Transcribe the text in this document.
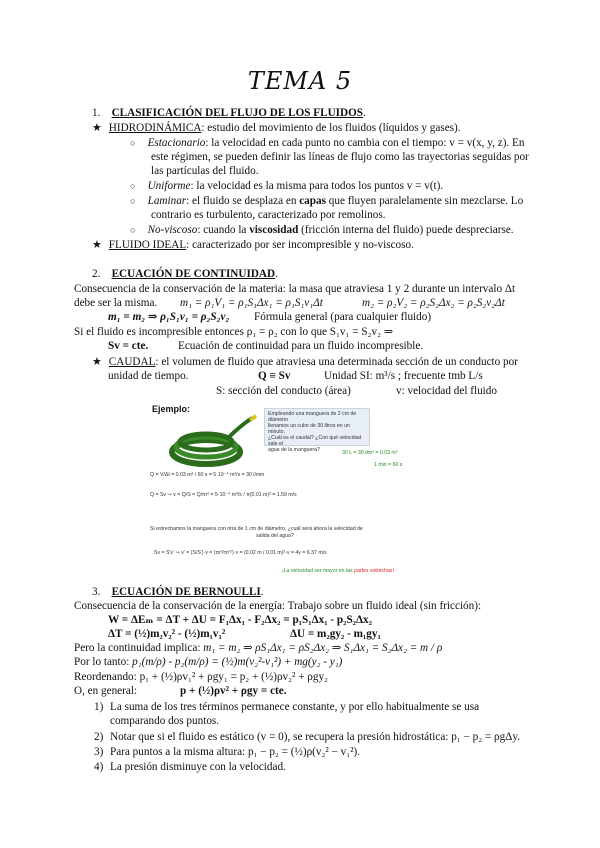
TEMA 5
1. CLASIFICACIÓN DEL FLUJO DE LOS FLUIDOS.
★ HIDRODINÁMICA: estudio del movimiento de los fluidos (líquidos y gases).
○ Estacionario: la velocidad en cada punto no cambia con el tiempo: v = v(x, y, z). En
este régimen, se pueden definir las líneas de flujo como las trayectorias seguidas por
las partículas del fluido.
○ Uniforme: la velocidad es la misma para todos los puntos v = v(t).
○ Laminar: el fluido se desplaza en capas que fluyen paralelamente sin mezclarse. Lo
contrario es turbulento, caracterizado por remolinos.
○ No-viscoso: cuando la viscosidad (fricción interna del fluido) puede despreciarse.
★ FLUIDO IDEAL: caracterizado por ser incompresible y no-viscoso.
2. ECUACIÓN DE CONTINUIDAD.
Consecuencia de la conservación de la materia: la masa que atraviesa 1 y 2 durante un intervalo Δt
debe ser la misma. m₁ = ρ₁V₁ = ρ₁S₁Δx₁ = ρ₁S₁v₁Δt	m₂ = ρ₂V₂ = ρ₂S₂Δx₂ = ρ₂S₂v₂Δt
m₁ = m₂ ⇒ ρ₁S₁v₁ = ρ₂S₂v₂ Fórmula general (para cualquier fluido)
Si el fluido es incompresible entonces ρ₁ = ρ₂ con lo que S₁v₁ = S₂v₂ ⇒
Sv = cte.	Ecuación de continuidad para un fluido incompresible.
★ CAUDAL: el volumen de fluido que atraviesa una determinada sección de un conducto por
unidad de tiempo.	Q ≡ Sv	Unidad SI: m³/s ; frecuente tmb L/s
S: sección del conducto (área)	v: velocidad del fluido
Ejemplo:	Empleando una manguera de 2 cm de diámetro
llenamos un cubo de 30 litros en un minuto.
¿Cuál es el caudal? ¿Con qué velocidad sale el
agua de la manguera?	30 L = 30 dm³ = 0.03 m³
1 min = 60 s
Q = V/Δt = 0.03 m³ / 60 s = 5·10⁻⁴ m³/s = 30 l/min
Q = Sv ⇒ v = Q/S = Q/πr² = 5·10⁻⁴ m³/s / π(0.01 m)² = 1.59 m/s
Si estrechamos la manguera con otra de 1 cm de diámetro, ¿cuál será ahora la velocidad de
salida del agua?
Sv = S'v' ⇒ v' = (S/S')·v = (πr²/πr'²)·v = (0.02 m / 0.01 m)²·v = 4v = 6.37 m/s
¡La velocidad ser mayor en las partes estrechas!
3. ECUACIÓN DE BERNOULLI.
Consecuencia de la conservación de la energía: Trabajo sobre un fluido ideal (sin fricción):
W = ΔEₘ = ΔT + ΔU = F₁Δx₁ - F₂Δx₂ = p₁S₁Δx₁ - p₂S₂Δx₂
ΔT = (½)m₂v₂² - (½)m₁v₁²	ΔU = m₂gy₂ - m₁gy₁
Pero la continuidad implica: m₁ = m₂ ⇒ ρS₁Δx₁ = ρS₂Δx₂ ⇒ S₁Δx₁ = S₂Δx₂ = m / ρ
Por lo tanto: p₁(m/ρ) - p₂(m/ρ) = (½)m(v₂²-v₁²) + mg(y₂ - y₁)
Reordenando: p₁ + (½)ρv₁² + ρgy₁ = p₂ + (½)ρv₂² + ρgy₂
O, en general:	p + (½)ρv² + ρgy = cte.
1) La suma de los tres términos permanece constante, y por ello habitualmente se usa
comparando dos puntos.
2) Notar que si el fluido es estático (v = 0), se recupera la presión hidrostática: p₁ − p₂ = ρgΔy.
3) Para puntos a la misma altura: p₁ − p₂ = (½)ρ(v₂² − v₁²).
4) La presión disminuye con la velocidad.
